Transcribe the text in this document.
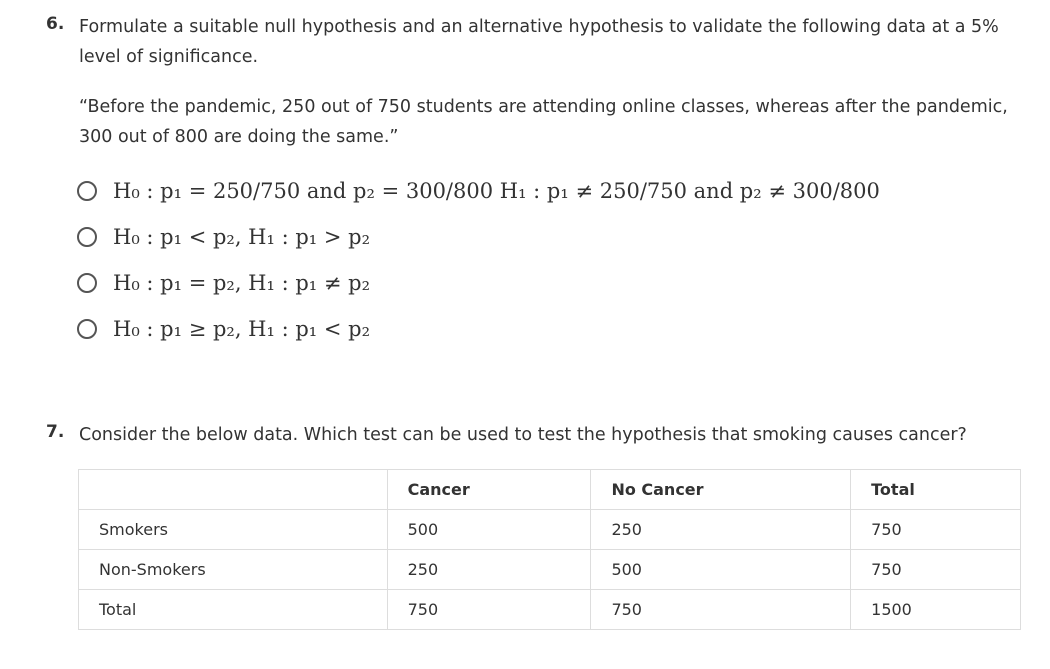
6. Formulate a suitable null hypothesis and an alternative hypothesis to validate the following data at a 5% level of significance.
“Before the pandemic, 250 out of 750 students are attending online classes, whereas after the pandemic, 300 out of 800 are doing the same.”
H₀ : p₁ = 250/750 and p₂ = 300/800 H₁ : p₁ ≠ 250/750 and p₂ ≠ 300/800
H₀ : p₁ < p₂, H₁ : p₁ > p₂
H₀ : p₁ = p₂, H₁ : p₁ ≠ p₂
H₀ : p₁ ≥ p₂, H₁ : p₁ < p₂
7. Consider the below data. Which test can be used to test the hypothesis that smoking causes cancer?
	Cancer	No Cancer	Total
Smokers	500	250	750
Non-Smokers	250	500	750
Total	750	750	1500
